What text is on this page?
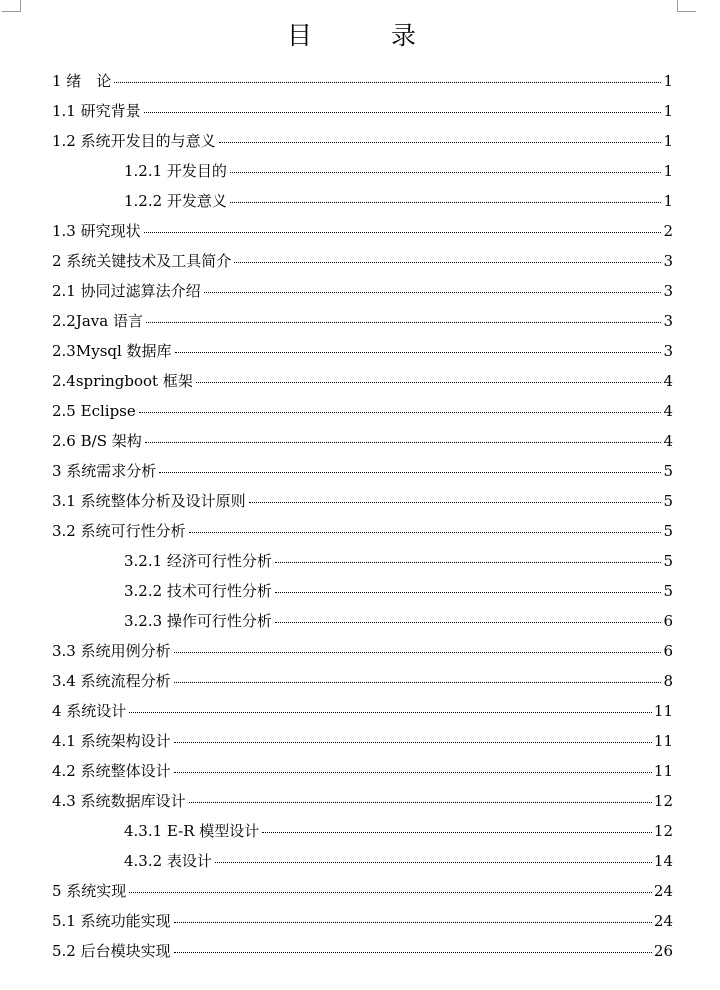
目　录
1 绪　论	1
1.1 研究背景	1
1.2 系统开发目的与意义	1
1.2.1 开发目的	1
1.2.2 开发意义	1
1.3 研究现状	2
2 系统关键技术及工具简介	3
2.1 协同过滤算法介绍	3
2.2Java 语言	3
2.3Mysql 数据库	3
2.4springboot 框架	4
2.5 Eclipse	4
2.6 B/S 架构	4
3 系统需求分析	5
3.1 系统整体分析及设计原则	5
3.2 系统可行性分析	5
3.2.1 经济可行性分析	5
3.2.2 技术可行性分析	5
3.2.3 操作可行性分析	6
3.3 系统用例分析	6
3.4 系统流程分析	8
4 系统设计	11
4.1 系统架构设计	11
4.2 系统整体设计	11
4.3 系统数据库设计	12
4.3.1 E-R 模型设计	12
4.3.2 表设计	14
5 系统实现	24
5.1 系统功能实现	24
5.2 后台模块实现	26
